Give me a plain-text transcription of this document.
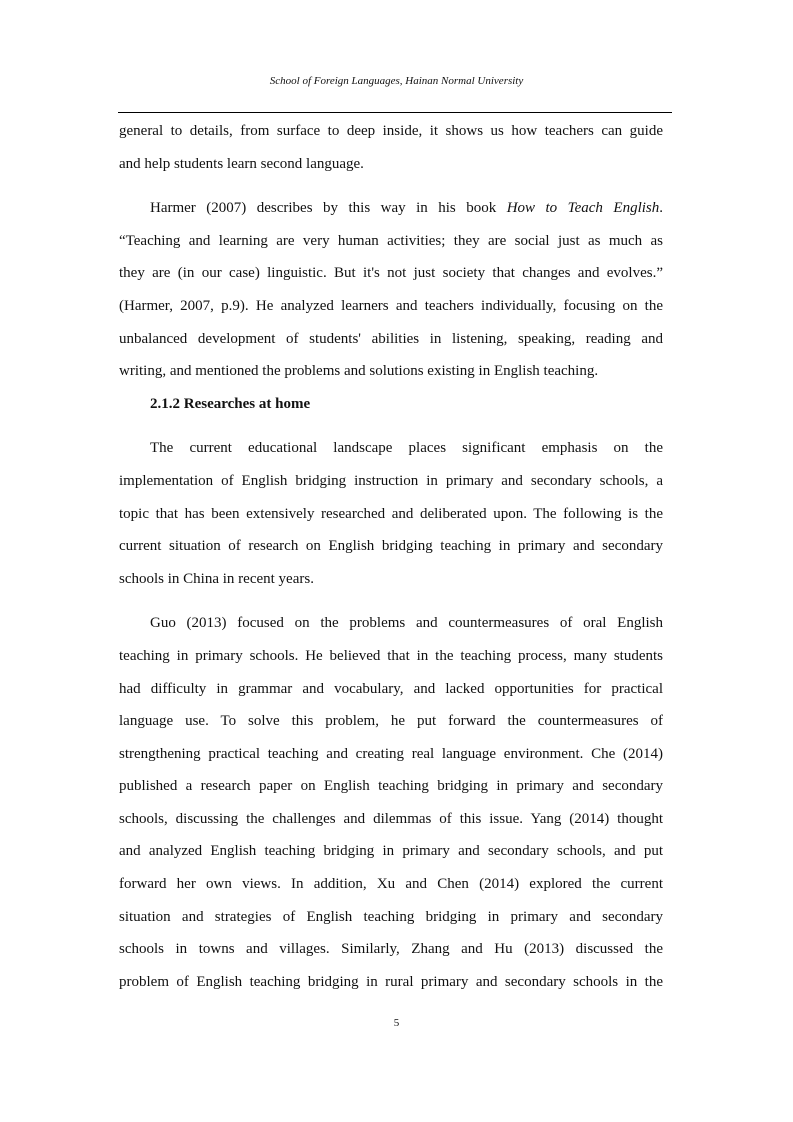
School of Foreign Languages, Hainan Normal University

general to details, from surface to deep inside, it shows us how teachers can guide
and help students learn second language.

Harmer (2007) describes by this way in his book How to Teach English.
“Teaching and learning are very human activities; they are social just as much as
they are (in our case) linguistic. But it's not just society that changes and evolves.”
(Harmer, 2007, p.9). He analyzed learners and teachers individually, focusing on the
unbalanced development of students' abilities in listening, speaking, reading and
writing, and mentioned the problems and solutions existing in English teaching.

2.1.2 Researches at home

The current educational landscape places significant emphasis on the
implementation of English bridging instruction in primary and secondary schools, a
topic that has been extensively researched and deliberated upon. The following is the
current situation of research on English bridging teaching in primary and secondary
schools in China in recent years.

Guo (2013) focused on the problems and countermeasures of oral English
teaching in primary schools. He believed that in the teaching process, many students
had difficulty in grammar and vocabulary, and lacked opportunities for practical
language use. To solve this problem, he put forward the countermeasures of
strengthening practical teaching and creating real language environment. Che (2014)
published a research paper on English teaching bridging in primary and secondary
schools, discussing the challenges and dilemmas of this issue. Yang (2014) thought
and analyzed English teaching bridging in primary and secondary schools, and put
forward her own views. In addition, Xu and Chen (2014) explored the current
situation and strategies of English teaching bridging in primary and secondary
schools in towns and villages. Similarly, Zhang and Hu (2013) discussed the
problem of English teaching bridging in rural primary and secondary schools in the

5
